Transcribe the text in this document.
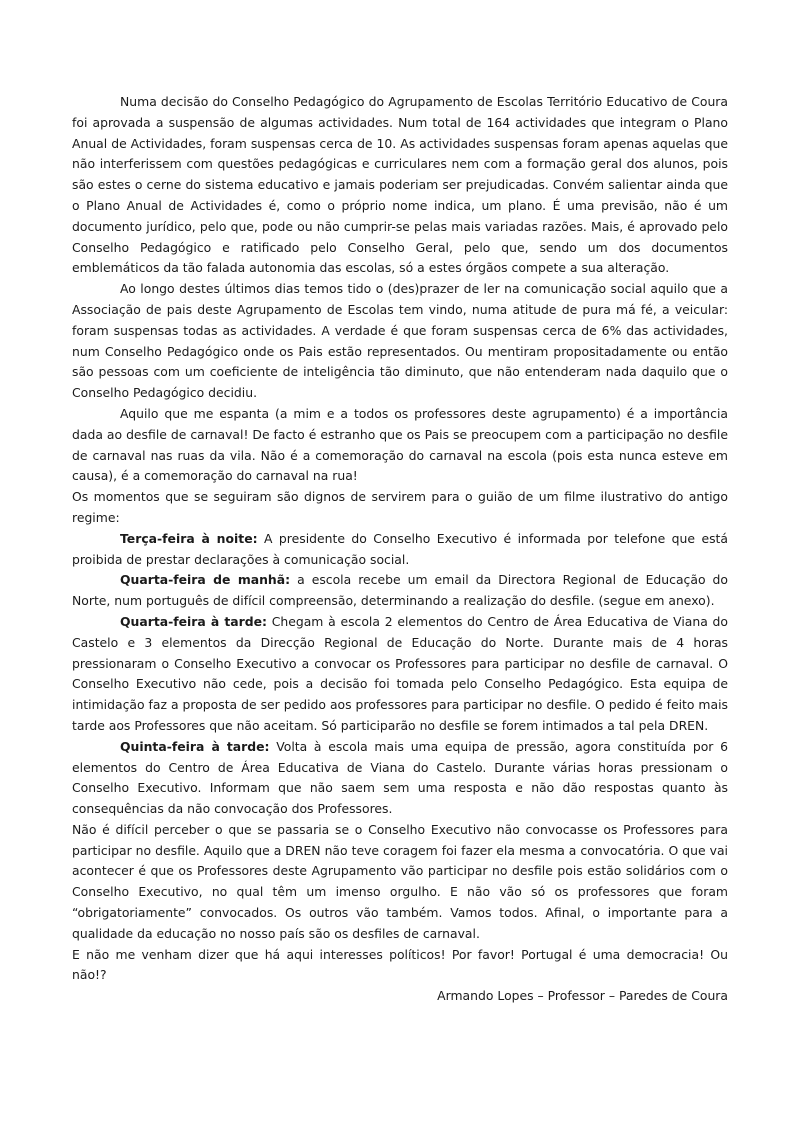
Numa decisão do Conselho Pedagógico do Agrupamento de Escolas Território Educativo de Coura foi aprovada a suspensão de algumas actividades. Num total de 164 actividades que integram o Plano Anual de Actividades, foram suspensas cerca de 10. As actividades suspensas foram apenas aquelas que não interferissem com questões pedagógicas e curriculares nem com a formação geral dos alunos, pois são estes o cerne do sistema educativo e jamais poderiam ser prejudicadas. Convém salientar ainda que o Plano Anual de Actividades é, como o próprio nome indica, um plano. É uma previsão, não é um documento jurídico, pelo que, pode ou não cumprir-se pelas mais variadas razões. Mais, é aprovado pelo Conselho Pedagógico e ratificado pelo Conselho Geral, pelo que, sendo um dos documentos emblemáticos da tão falada autonomia das escolas, só a estes órgãos compete a sua alteração.

Ao longo destes últimos dias temos tido o (des)prazer de ler na comunicação social aquilo que a Associação de pais deste Agrupamento de Escolas tem vindo, numa atitude de pura má fé, a veicular: foram suspensas todas as actividades. A verdade é que foram suspensas cerca de 6% das actividades, num Conselho Pedagógico onde os Pais estão representados. Ou mentiram propositadamente ou então são pessoas com um coeficiente de inteligência tão diminuto, que não entenderam nada daquilo que o Conselho Pedagógico decidiu.

Aquilo que me espanta (a mim e a todos os professores deste agrupamento) é a importância dada ao desfile de carnaval! De facto é estranho que os Pais se preocupem com a participação no desfile de carnaval nas ruas da vila. Não é a comemoração do carnaval na escola (pois esta nunca esteve em causa), é a comemoração do carnaval na rua!

Os momentos que se seguiram são dignos de servirem para o guião de um filme ilustrativo do antigo regime:

Terça-feira à noite: A presidente do Conselho Executivo é informada por telefone que está proibida de prestar declarações à comunicação social.

Quarta-feira de manhã: a escola recebe um email da Directora Regional de Educação do Norte, num português de difícil compreensão, determinando a realização do desfile. (segue em anexo).

Quarta-feira à tarde: Chegam à escola 2 elementos do Centro de Área Educativa de Viana do Castelo e 3 elementos da Direcção Regional de Educação do Norte. Durante mais de 4 horas pressionaram o Conselho Executivo a convocar os Professores para participar no desfile de carnaval. O Conselho Executivo não cede, pois a decisão foi tomada pelo Conselho Pedagógico. Esta equipa de intimidação faz a proposta de ser pedido aos professores para participar no desfile. O pedido é feito mais tarde aos Professores que não aceitam. Só participarão no desfile se forem intimados a tal pela DREN.

Quinta-feira à tarde: Volta à escola mais uma equipa de pressão, agora constituída por 6 elementos do Centro de Área Educativa de Viana do Castelo. Durante várias horas pressionam o Conselho Executivo. Informam que não saem sem uma resposta e não dão respostas quanto às consequências da não convocação dos Professores.

Não é difícil perceber o que se passaria se o Conselho Executivo não convocasse os Professores para participar no desfile. Aquilo que a DREN não teve coragem foi fazer ela mesma a convocatória. O que vai acontecer é que os Professores deste Agrupamento vão participar no desfile pois estão solidários com o Conselho Executivo, no qual têm um imenso orgulho. E não vão só os professores que foram “obrigatoriamente” convocados. Os outros vão também. Vamos todos. Afinal, o importante para a qualidade da educação no nosso país são os desfiles de carnaval.

E não me venham dizer que há aqui interesses políticos! Por favor! Portugal é uma democracia! Ou não!?

Armando Lopes – Professor – Paredes de Coura
